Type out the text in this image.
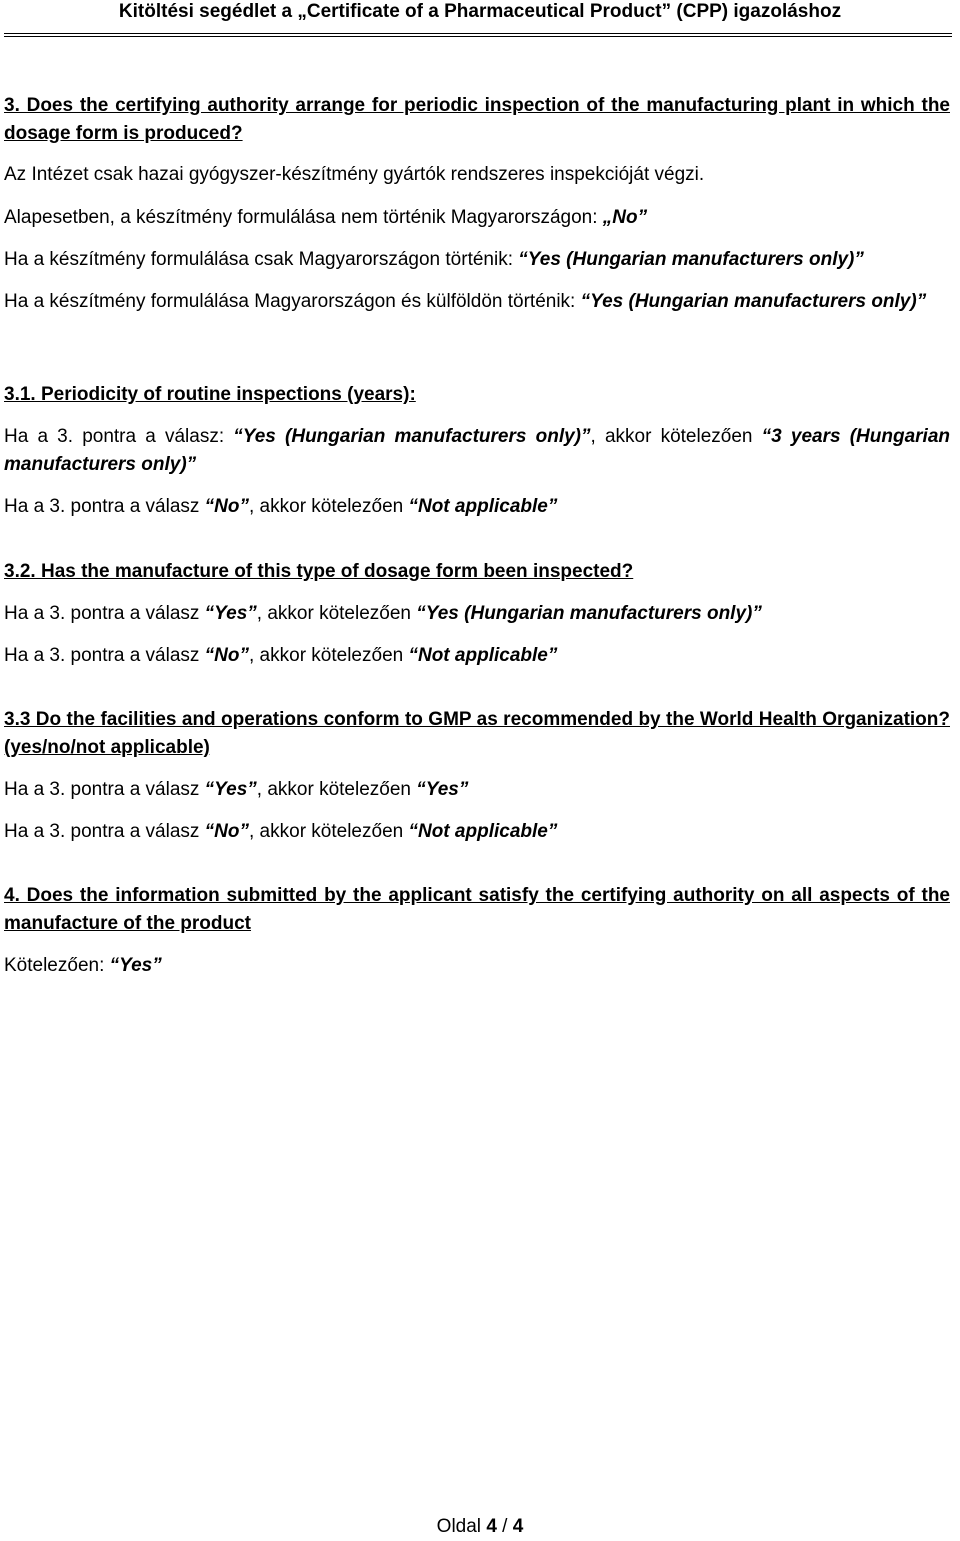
Kitöltési segédlet a „Certificate of a Pharmaceutical Product” (CPP) igazoláshoz
3. Does the certifying authority arrange for periodic inspection of the manufacturing plant in which the dosage form is produced?
Az Intézet csak hazai gyógyszer-készítmény gyártók rendszeres inspekcióját végzi.
Alapesetben, a készítmény formulálása nem történik Magyarországon: „No”
Ha a készítmény formulálása csak Magyarországon történik: “Yes (Hungarian manufacturers only)”
Ha a készítmény formulálása Magyarországon és külföldön történik: “Yes (Hungarian manufacturers only)”
3.1. Periodicity of routine inspections (years):
Ha a 3. pontra a válasz: “Yes (Hungarian manufacturers only)”, akkor kötelezően “3 years (Hungarian manufacturers only)”
Ha a 3. pontra a válasz “No”, akkor kötelezően “Not applicable”
3.2. Has the manufacture of this type of dosage form been inspected?
Ha a 3. pontra a válasz “Yes”, akkor kötelezően “Yes (Hungarian manufacturers only)”
Ha a 3. pontra a válasz “No”, akkor kötelezően “Not applicable”
3.3 Do the facilities and operations conform to GMP as recommended by the World Health Organization? (yes/no/not applicable)
Ha a 3. pontra a válasz “Yes”, akkor kötelezően “Yes”
Ha a 3. pontra a válasz “No”, akkor kötelezően “Not applicable”
4. Does the information submitted by the applicant satisfy the certifying authority on all aspects of the manufacture of the product
Kötelezően: “Yes”
Oldal 4 / 4
